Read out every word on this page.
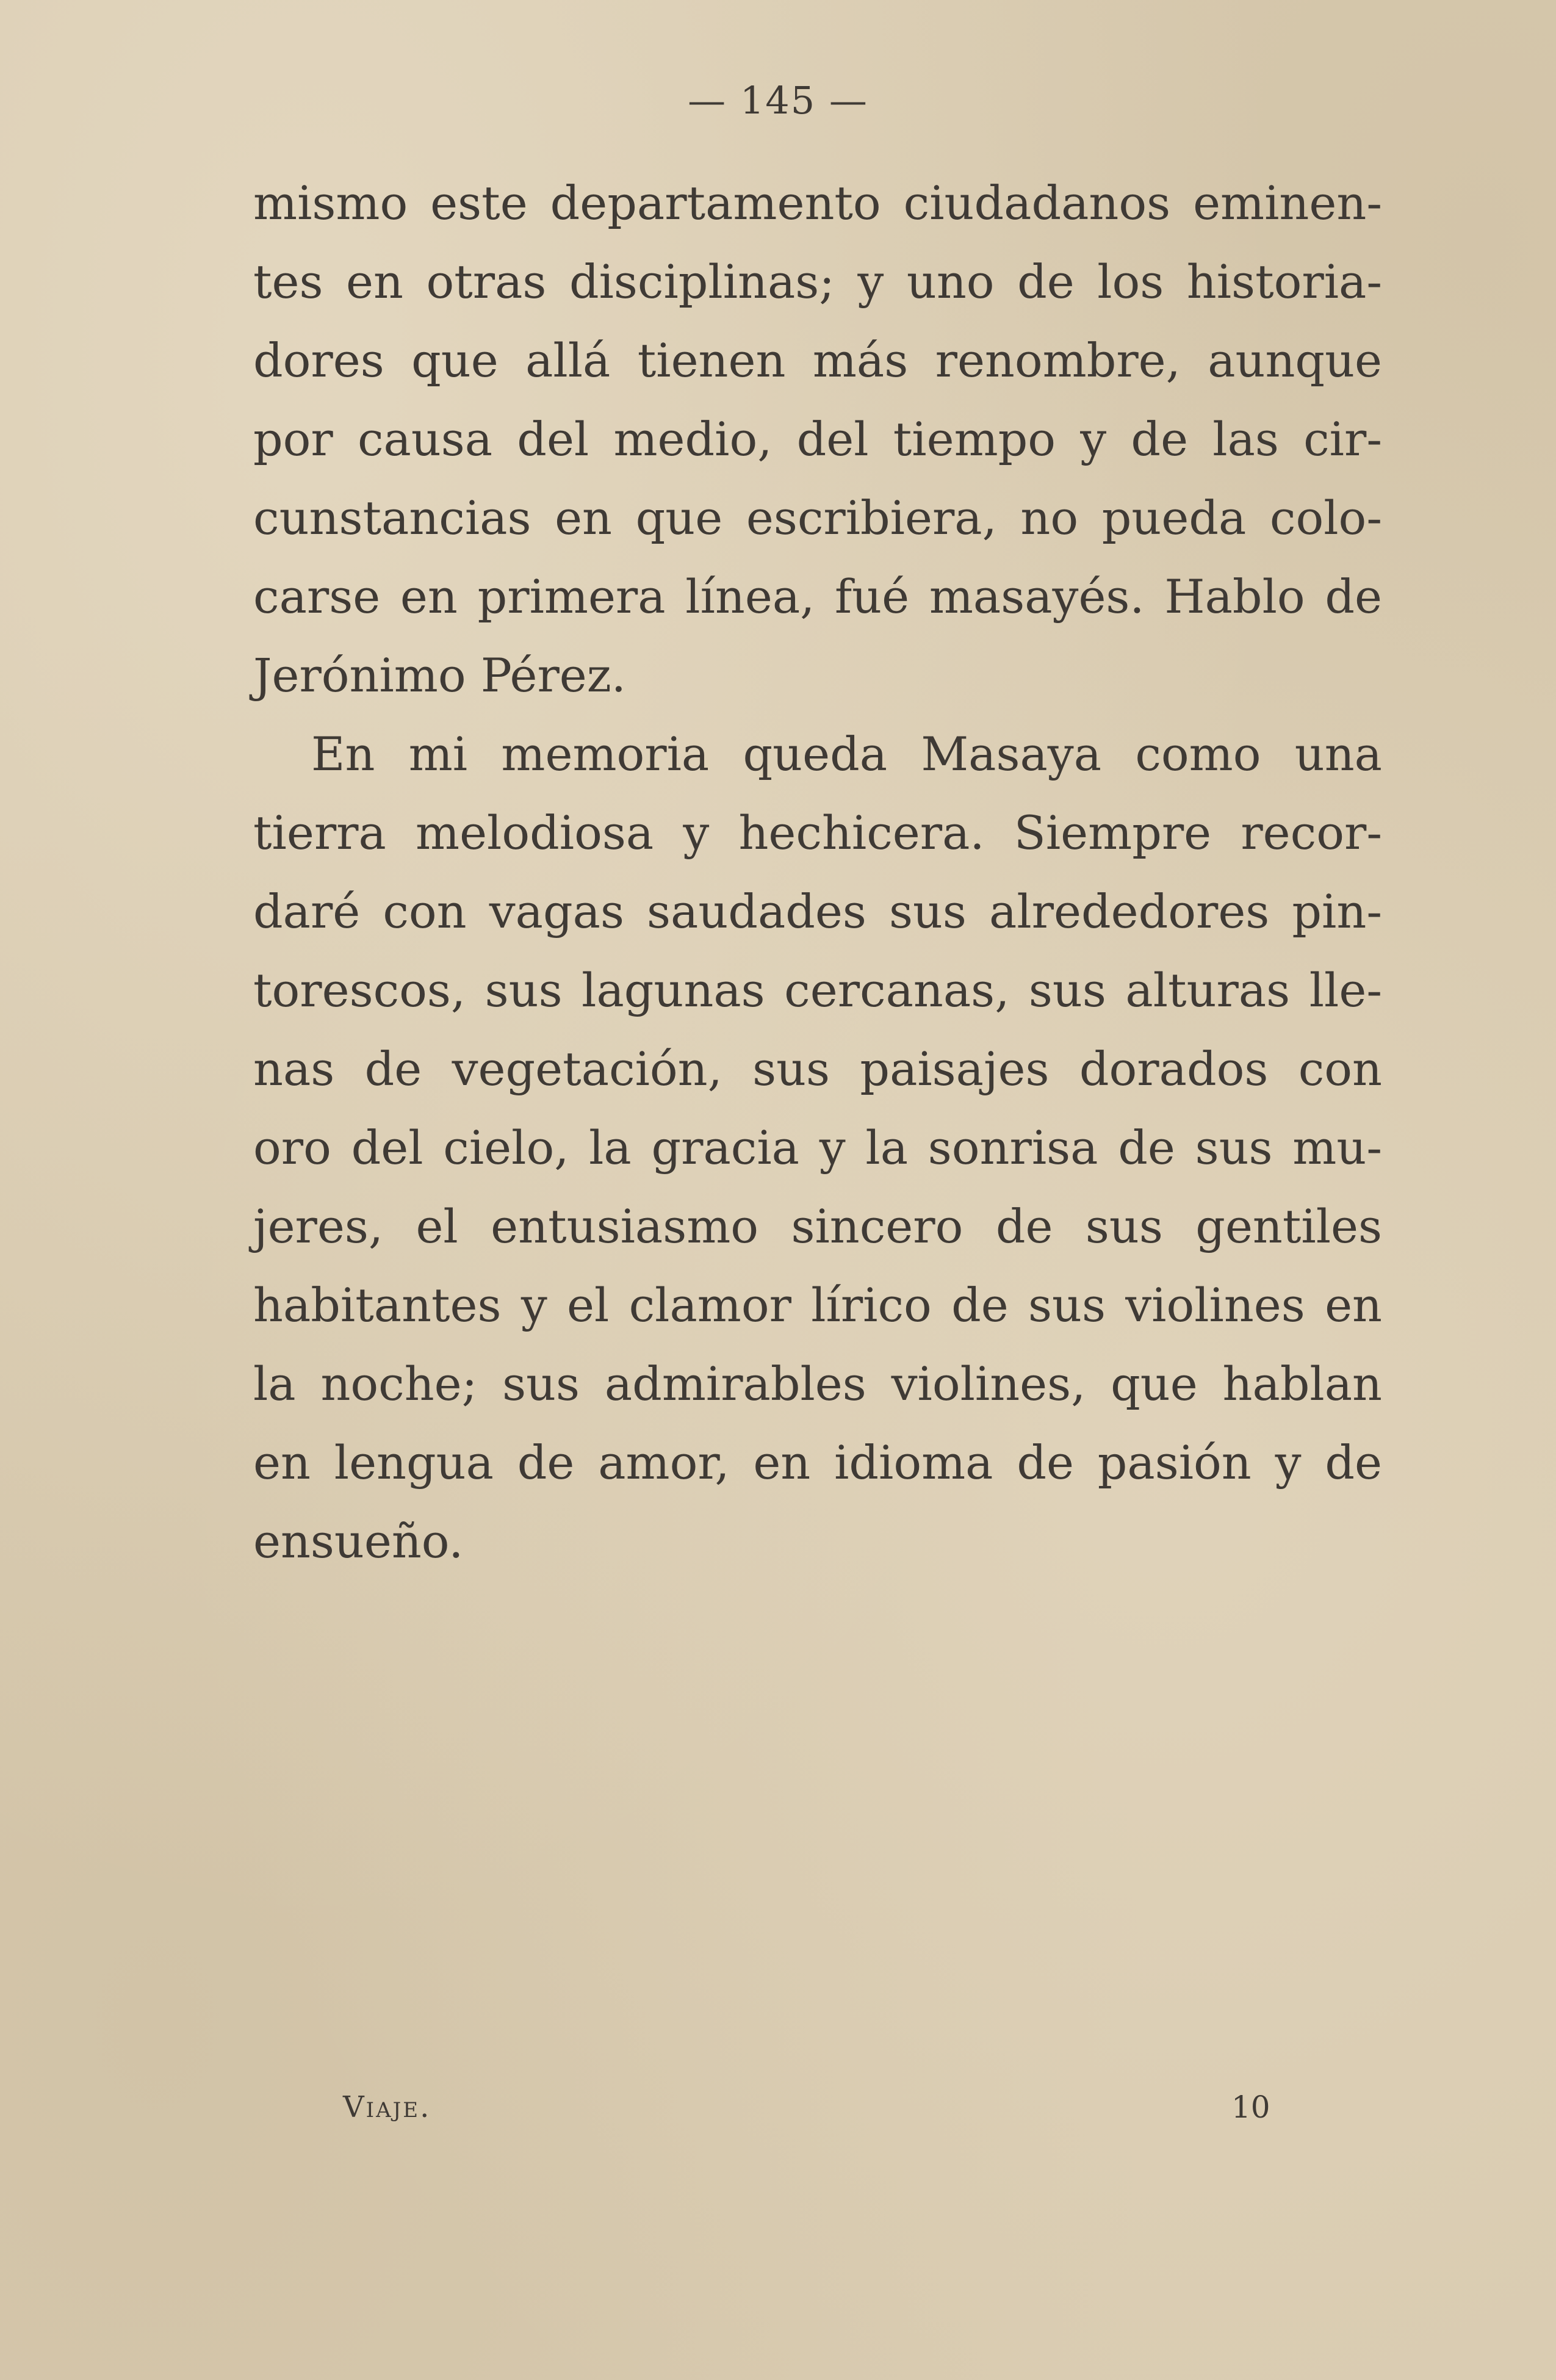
— 145 —

mismo este departamento ciudadanos eminentes en otras disciplinas; y uno de los historiadores que allá tienen más renombre, aunque por causa del medio, del tiempo y de las circunstancias en que escribiera, no pueda colocarse en primera línea, fué masayés. Hablo de Jerónimo Pérez.

En mi memoria queda Masaya como una tierra melodiosa y hechicera. Siempre recordaré con vagas saudades sus alrededores pintorescos, sus lagunas cercanas, sus alturas llenas de vegetación, sus paisajes dorados con oro del cielo, la gracia y la sonrisa de sus mujeres, el entusiasmo sincero de sus gentiles habitantes y el clamor lírico de sus violines en la noche; sus admirables violines, que hablan en lengua de amor, en idioma de pasión y de ensueño.

Viaje.	10
